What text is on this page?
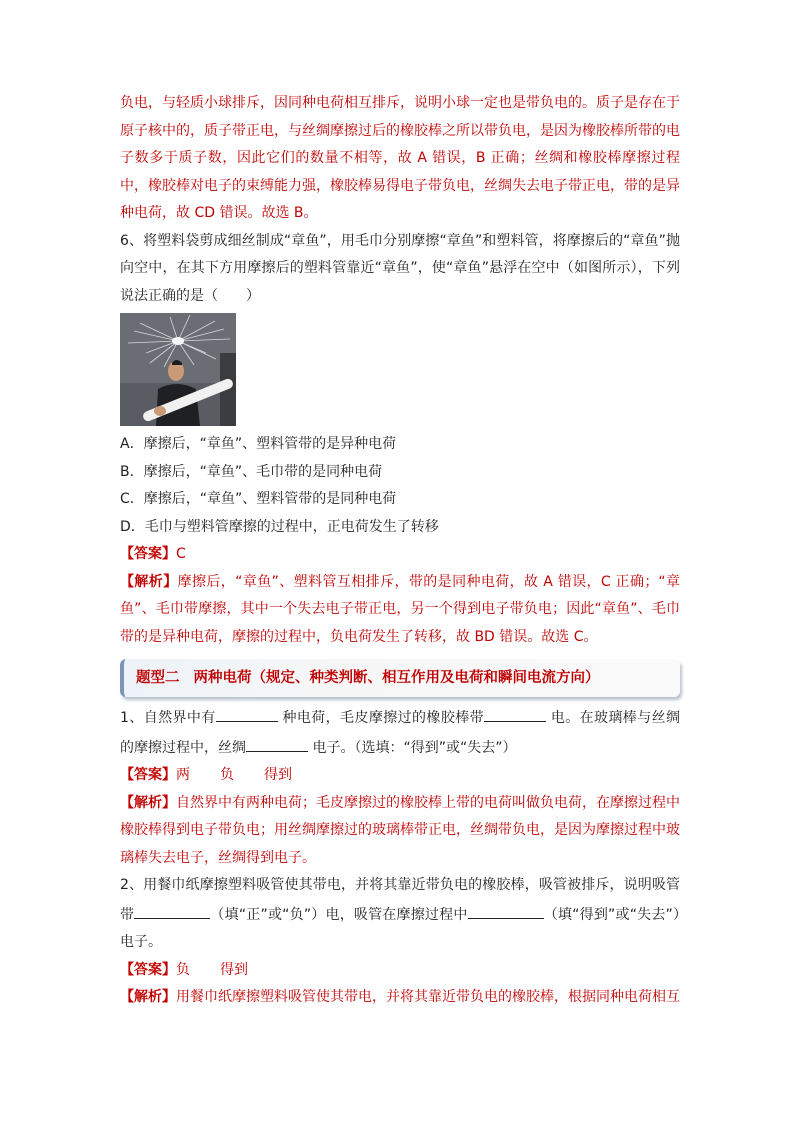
负电，与轻质小球排斥，因同种电荷相互排斥，说明小球一定也是带负电的。质子是存在于原子核中的，质子带正电，与丝绸摩擦过后的橡胶棒之所以带负电，是因为橡胶棒所带的电子数多于质子数，因此它们的数量不相等，故 A 错误，B 正确；丝绸和橡胶棒摩擦过程中，橡胶棒对电子的束缚能力强，橡胶棒易得电子带负电，丝绸失去电子带正电，带的是异种电荷，故 CD 错误。故选 B。

6、将塑料袋剪成细丝制成“章鱼”，用毛巾分别摩擦“章鱼”和塑料管，将摩擦后的“章鱼”抛向空中，在其下方用摩擦后的塑料管靠近“章鱼”，使“章鱼”悬浮在空中（如图所示），下列说法正确的是（　　）

A．摩擦后，“章鱼”、塑料管带的是异种电荷

B．摩擦后，“章鱼”、毛巾带的是同种电荷

C．摩擦后，“章鱼”、塑料管带的是同种电荷

D．毛巾与塑料管摩擦的过程中，正电荷发生了转移

【答案】C

【解析】摩擦后，“章鱼”、塑料管互相排斥，带的是同种电荷，故 A 错误，C 正确；“章鱼”、毛巾带摩擦，其中一个失去电子带正电，另一个得到电子带负电；因此“章鱼”、毛巾带的是异种电荷，摩擦的过程中，负电荷发生了转移，故 BD 错误。故选 C。

题型二 两种电荷（规定、种类判断、相互作用及电荷和瞬间电流方向）

1、自然界中有	种电荷，毛皮摩擦过的橡胶棒带	电。在玻璃棒与丝绸的摩擦过程中，丝绸	电子。（选填：“得到”或“失去”）

【答案】两 负 得到

【解析】自然界中有两种电荷；毛皮摩擦过的橡胶棒上带的电荷叫做负电荷，在摩擦过程中橡胶棒得到电子带负电；用丝绸摩擦过的玻璃棒带正电，丝绸带负电，是因为摩擦过程中玻璃棒失去电子，丝绸得到电子。

2、用餐巾纸摩擦塑料吸管使其带电，并将其靠近带负电的橡胶棒，吸管被排斥，说明吸管带	（填“正”或“负”）电，吸管在摩擦过程中	（填“得到”或“失去”）电子。

【答案】负 得到

【解析】用餐巾纸摩擦塑料吸管使其带电，并将其靠近带负电的橡胶棒，根据同种电荷相互
